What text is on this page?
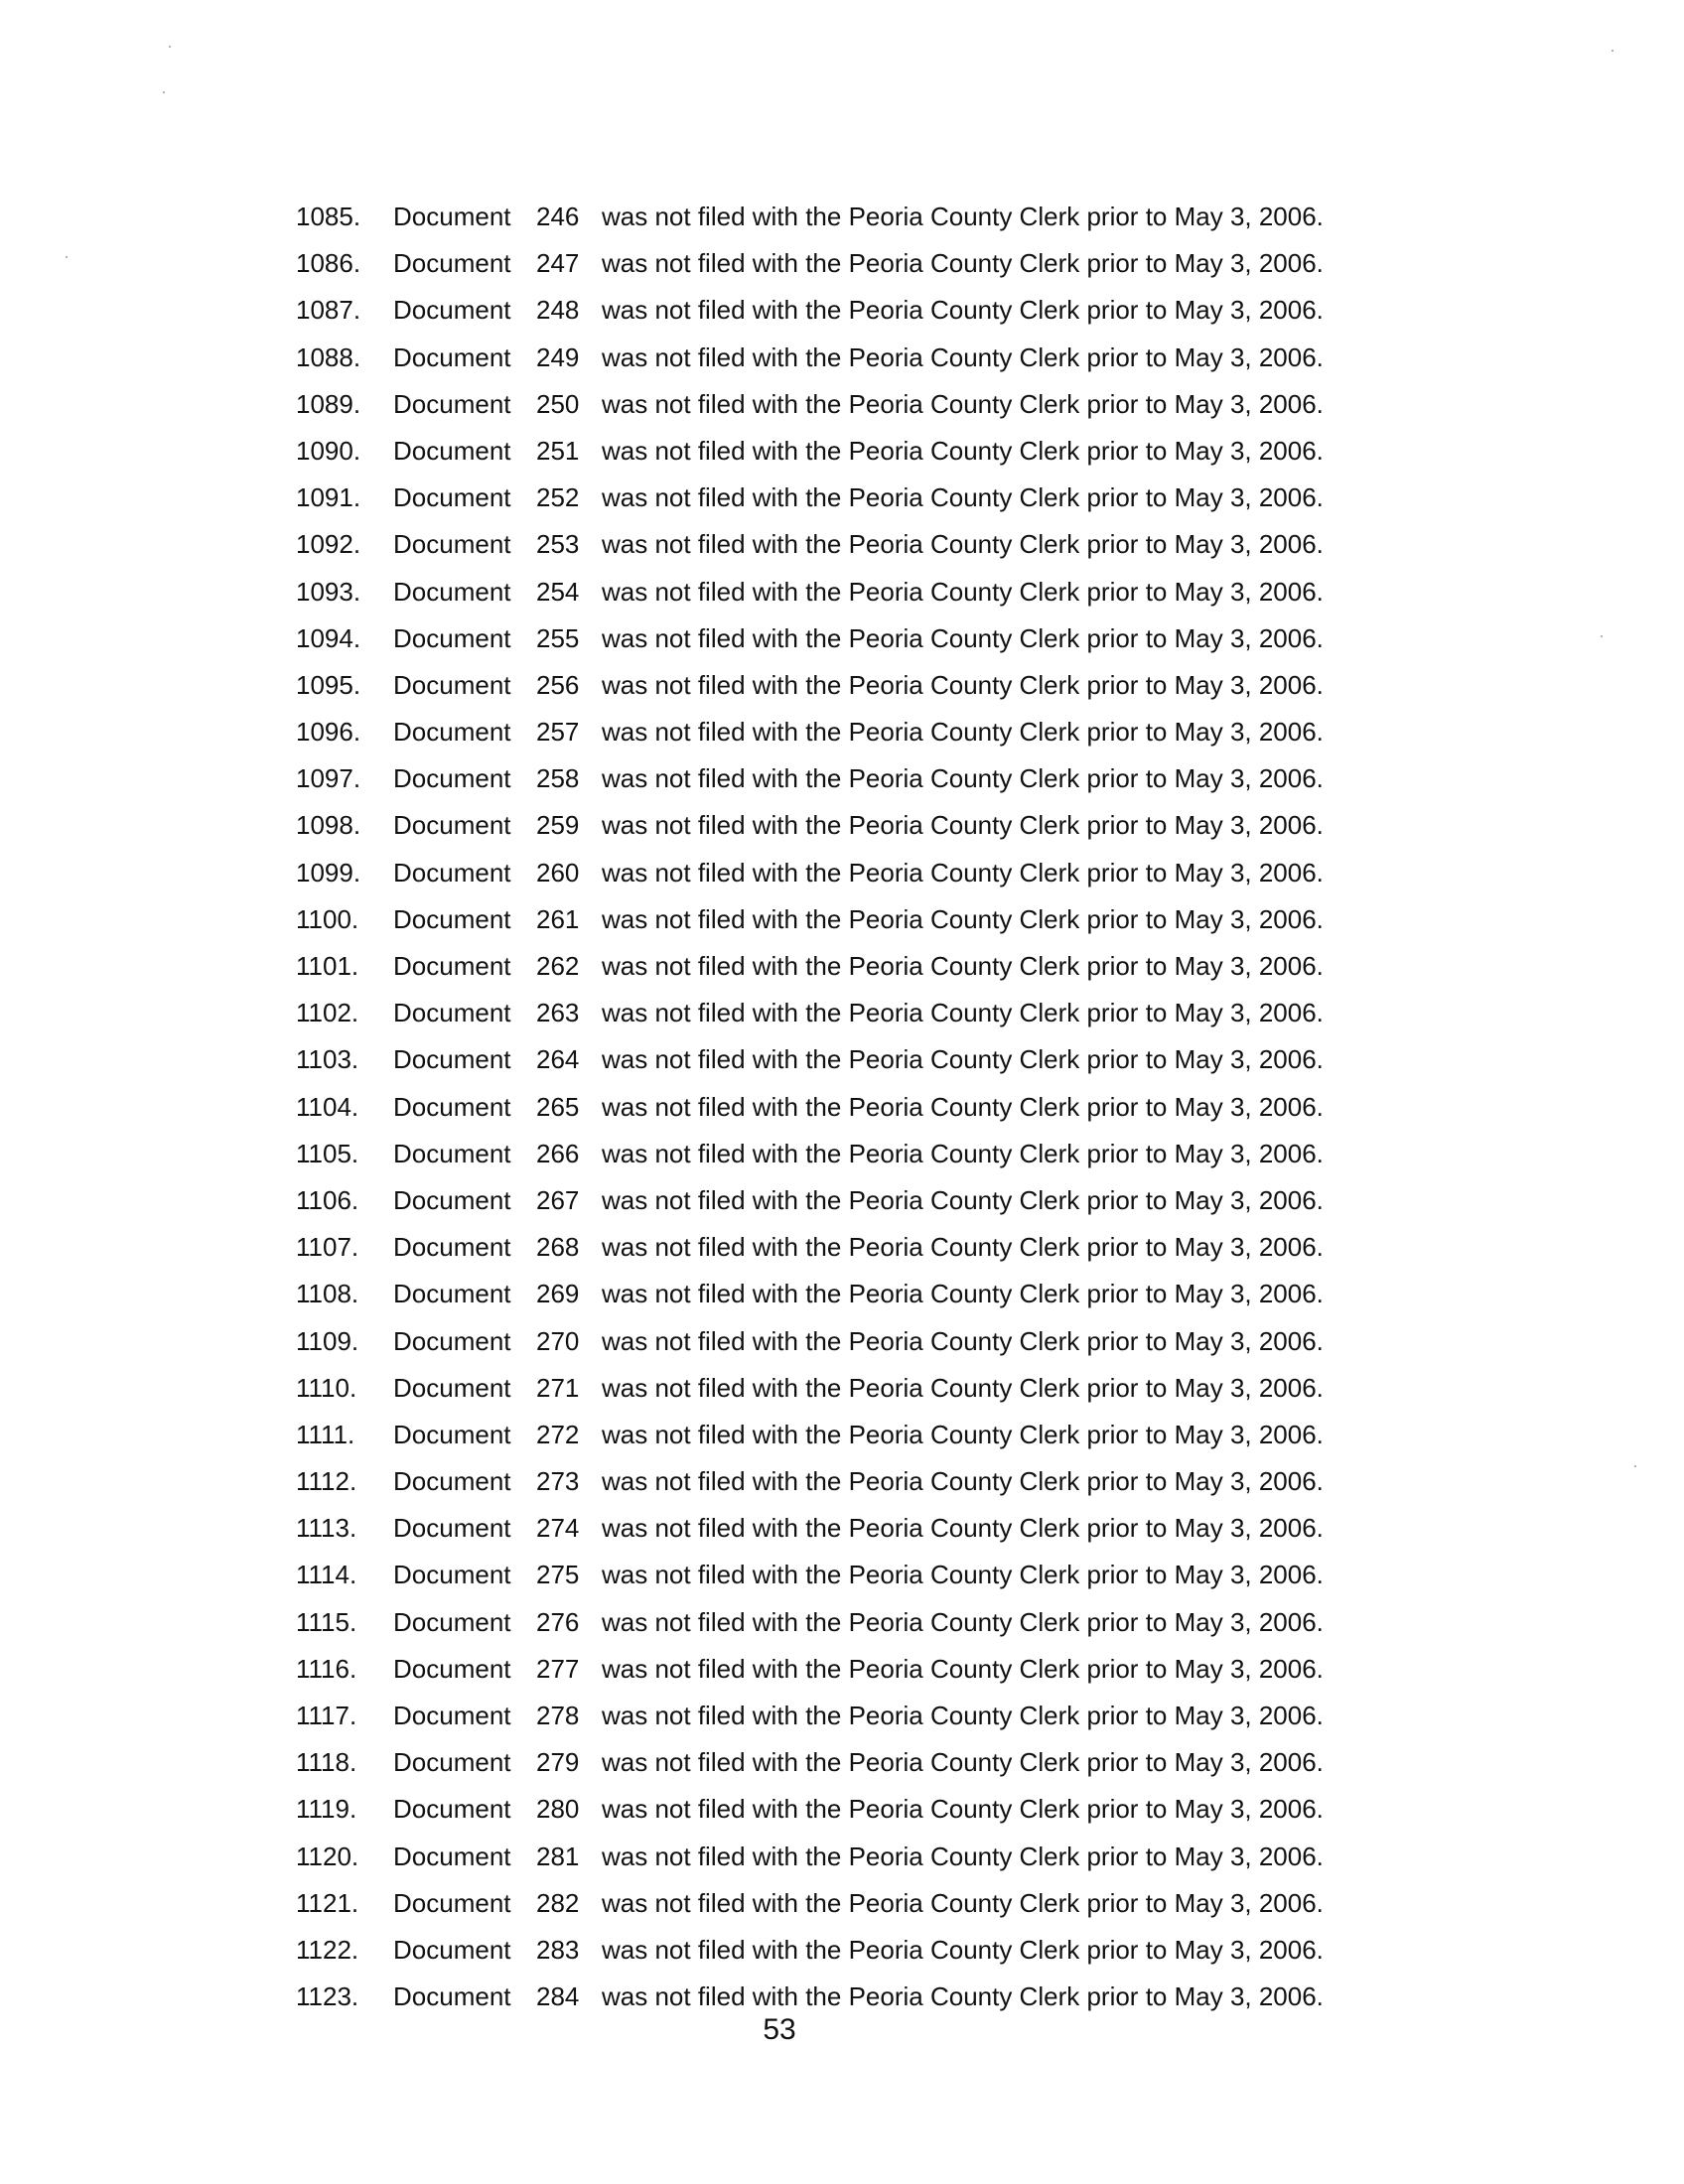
1085. Document 246 was not filed with the Peoria County Clerk prior to May 3, 2006.
1086. Document 247 was not filed with the Peoria County Clerk prior to May 3, 2006.
1087. Document 248 was not filed with the Peoria County Clerk prior to May 3, 2006.
1088. Document 249 was not filed with the Peoria County Clerk prior to May 3, 2006.
1089. Document 250 was not filed with the Peoria County Clerk prior to May 3, 2006.
1090. Document 251 was not filed with the Peoria County Clerk prior to May 3, 2006.
1091. Document 252 was not filed with the Peoria County Clerk prior to May 3, 2006.
1092. Document 253 was not filed with the Peoria County Clerk prior to May 3, 2006.
1093. Document 254 was not filed with the Peoria County Clerk prior to May 3, 2006.
1094. Document 255 was not filed with the Peoria County Clerk prior to May 3, 2006.
1095. Document 256 was not filed with the Peoria County Clerk prior to May 3, 2006.
1096. Document 257 was not filed with the Peoria County Clerk prior to May 3, 2006.
1097. Document 258 was not filed with the Peoria County Clerk prior to May 3, 2006.
1098. Document 259 was not filed with the Peoria County Clerk prior to May 3, 2006.
1099. Document 260 was not filed with the Peoria County Clerk prior to May 3, 2006.
1100. Document 261 was not filed with the Peoria County Clerk prior to May 3, 2006.
1101. Document 262 was not filed with the Peoria County Clerk prior to May 3, 2006.
1102. Document 263 was not filed with the Peoria County Clerk prior to May 3, 2006.
1103. Document 264 was not filed with the Peoria County Clerk prior to May 3, 2006.
1104. Document 265 was not filed with the Peoria County Clerk prior to May 3, 2006.
1105. Document 266 was not filed with the Peoria County Clerk prior to May 3, 2006.
1106. Document 267 was not filed with the Peoria County Clerk prior to May 3, 2006.
1107. Document 268 was not filed with the Peoria County Clerk prior to May 3, 2006.
1108. Document 269 was not filed with the Peoria County Clerk prior to May 3, 2006.
1109. Document 270 was not filed with the Peoria County Clerk prior to May 3, 2006.
1110. Document 271 was not filed with the Peoria County Clerk prior to May 3, 2006.
1111. Document 272 was not filed with the Peoria County Clerk prior to May 3, 2006.
1112. Document 273 was not filed with the Peoria County Clerk prior to May 3, 2006.
1113. Document 274 was not filed with the Peoria County Clerk prior to May 3, 2006.
1114. Document 275 was not filed with the Peoria County Clerk prior to May 3, 2006.
1115. Document 276 was not filed with the Peoria County Clerk prior to May 3, 2006.
1116. Document 277 was not filed with the Peoria County Clerk prior to May 3, 2006.
1117. Document 278 was not filed with the Peoria County Clerk prior to May 3, 2006.
1118. Document 279 was not filed with the Peoria County Clerk prior to May 3, 2006.
1119. Document 280 was not filed with the Peoria County Clerk prior to May 3, 2006.
1120. Document 281 was not filed with the Peoria County Clerk prior to May 3, 2006.
1121. Document 282 was not filed with the Peoria County Clerk prior to May 3, 2006.
1122. Document 283 was not filed with the Peoria County Clerk prior to May 3, 2006.
1123. Document 284 was not filed with the Peoria County Clerk prior to May 3, 2006.
53
